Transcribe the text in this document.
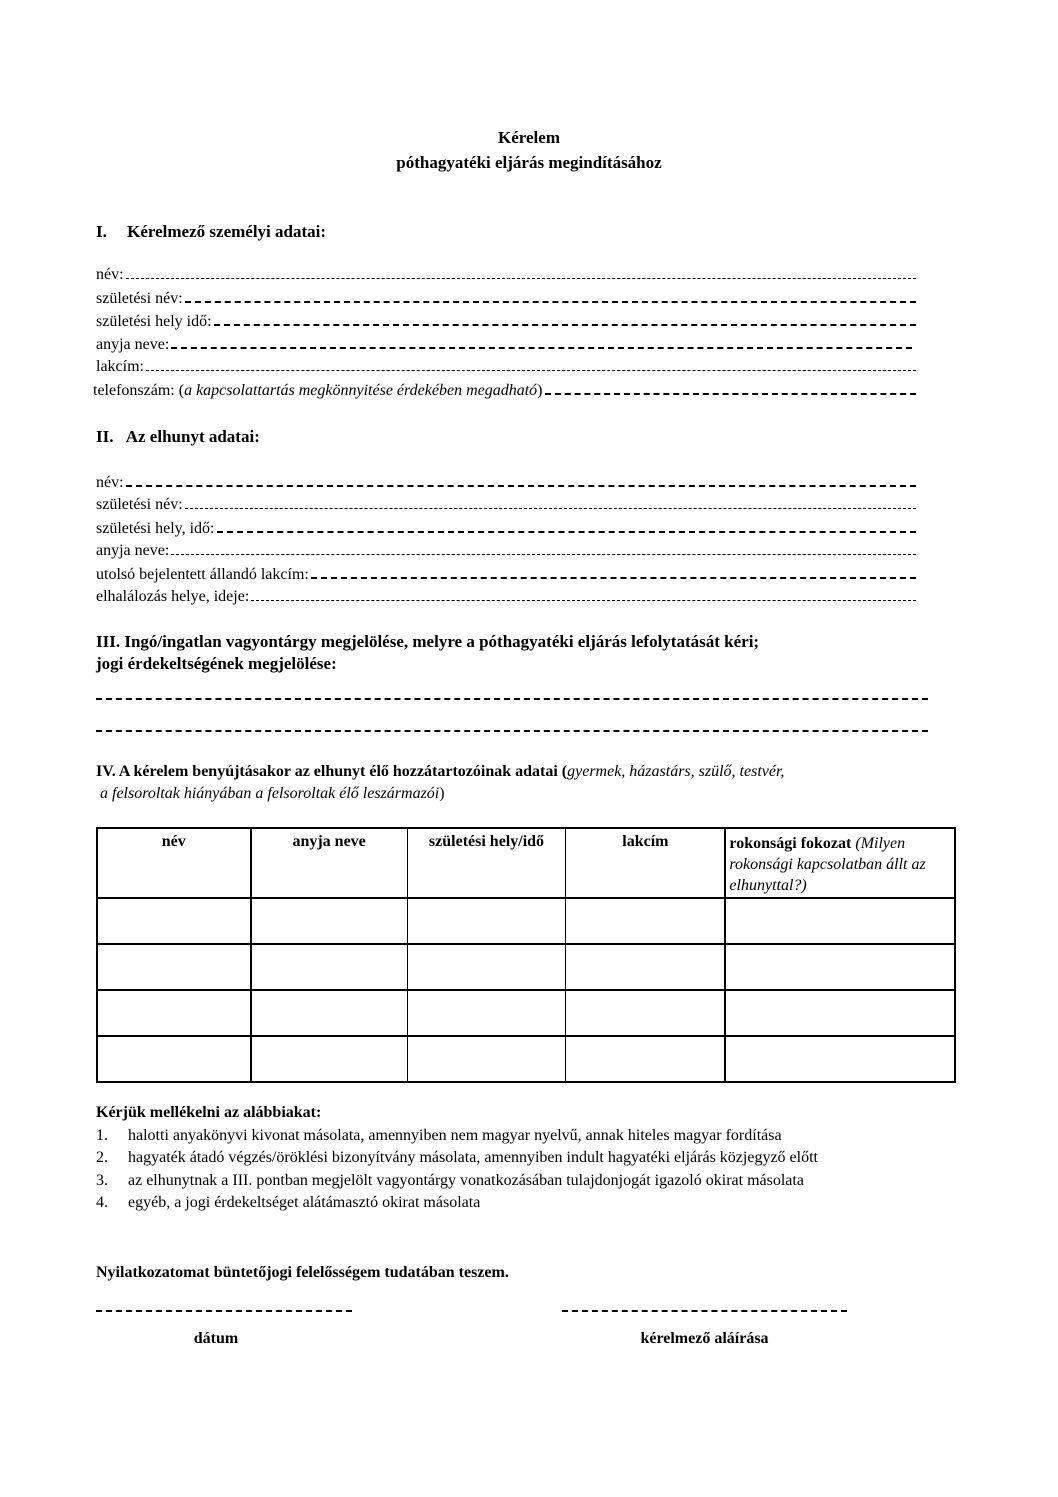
Kérelem
póthagyatéki eljárás megindításához
I. Kérelmező személyi adatai:
név:
születési név:
születési hely idő:
anyja neve:
lakcím:
telefonszám: (a kapcsolattartás megkönnyitése érdekében megadható)
II. Az elhunyt adatai:
név:
születési név:
születési hely, idő:
anyja neve:
utolsó bejelentett állandó lakcím:
elhalálozás helye, ideje:
III. Ingó/ingatlan vagyontárgy megjelölése, melyre a póthagyatéki eljárás lefolytatását kéri;
jogi érdekeltségének megjelölése:
IV. A kérelem benyújtásakor az elhunyt élő hozzátartozóinak adatai (gyermek, házastárs, szülő, testvér,
a felsoroltak hiányában a felsoroltak élő leszármazói)
név	anyja neve	születési hely/idő	lakcím	rokonsági fokozat (Milyen rokonsági kapcsolatban állt az elhunyttal?)

Kérjük mellékelni az alábbiakat:
1.	halotti anyakönyvi kivonat másolata, amennyiben nem magyar nyelvű, annak hiteles magyar fordítása
2.	hagyaték átadó végzés/öröklési bizonyítvány másolata, amennyiben indult hagyatéki eljárás közjegyző előtt
3.	az elhunytnak a III. pontban megjelölt vagyontárgy vonatkozásában tulajdonjogát igazoló okirat másolata
4.	egyéb, a jogi érdekeltséget alátámasztó okirat másolata
Nyilatkozatomat büntetőjogi felelősségem tudatában teszem.
dátum	kérelmező aláírása
